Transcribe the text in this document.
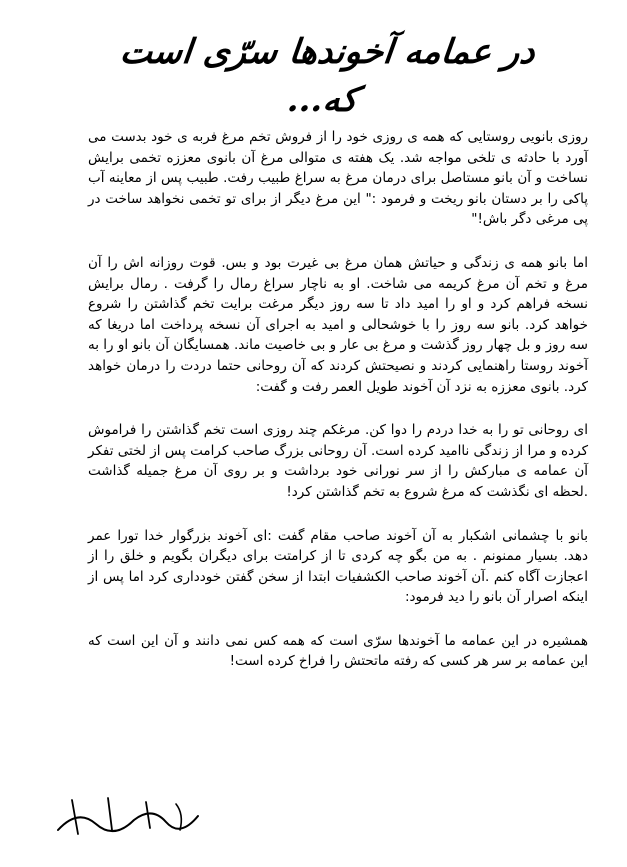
در عمامه آخوندها سرّی است که...

روزی بانویی روستایی که همه ی روزی خود را از فروش تخم مرغ فربه ی خود بدست می آورد با حادثه ی تلخی مواجه شد. یک هفته ی متوالی مرغ آن بانوی معززه تخمی برایش نساخت و آن بانو مستاصل برای درمان مرغ به سراغ طبیب رفت. طبیب پس از معاینه آب پاکی را بر دستان بانو ریخت و فرمود :" این مرغ دیگر از برای تو تخمی نخواهد ساخت در پی مرغی دگر باش!"

اما بانو همه ی زندگی و حیاتش همان مرغ بی غیرت بود و بس. قوت روزانه اش را آن مرغ و تخم آن مرغ کریمه می شاخت. او به ناچار سراغ رمال را گرفت . رمال برایش نسخه فراهم کرد و او را امید داد تا سه روز دیگر مرغت برایت تخم گذاشتن را شروع خواهد کرد. بانو سه روز را با خوشحالی و امید به اجرای آن نسخه پرداخت اما دریغا که سه روز و بل چهار روز گذشت و مرغ بی عار و بی خاصیت ماند. همسایگان آن بانو او را به آخوند روستا راهنمایی کردند و نصیحتش کردند که آن روحانی حتما دردت را درمان خواهد کرد. بانوی معززه به نزد آن آخوند طویل العمر رفت و گفت:

ای روحانی تو را به خدا دردم را دوا کن. مرغکم چند روزی است تخم گذاشتن را فراموش کرده و مرا از زندگی ناامید کرده است. آن روحانی بزرگ صاحب کرامت پس از لختی تفکر آن عمامه ی مبارکش را از سر نورانی خود برداشت و بر روی آن مرغ جمیله گذاشت .لحظه ای نگذشت که مرغ شروع به تخم گذاشتن کرد!

بانو با چشمانی اشکبار به آن آخوند صاحب مقام گفت :ای آخوند بزرگوار خدا تورا عمر دهد. بسیار ممنونم . به من بگو چه کردی تا از کرامتت برای دیگران بگویم و خلق را از اعجازت آگاه کنم .آن آخوند صاحب الکشفیات ابتدا از سخن گفتن خودداری کرد اما پس از اینکه اصرار آن بانو را دید فرمود:

همشیره در این عمامه ما آخوندها سرّی است که همه کس نمی دانند و آن این است که این عمامه بر سر هر کسی که رفته ماتحتش را فراخ کرده است!
